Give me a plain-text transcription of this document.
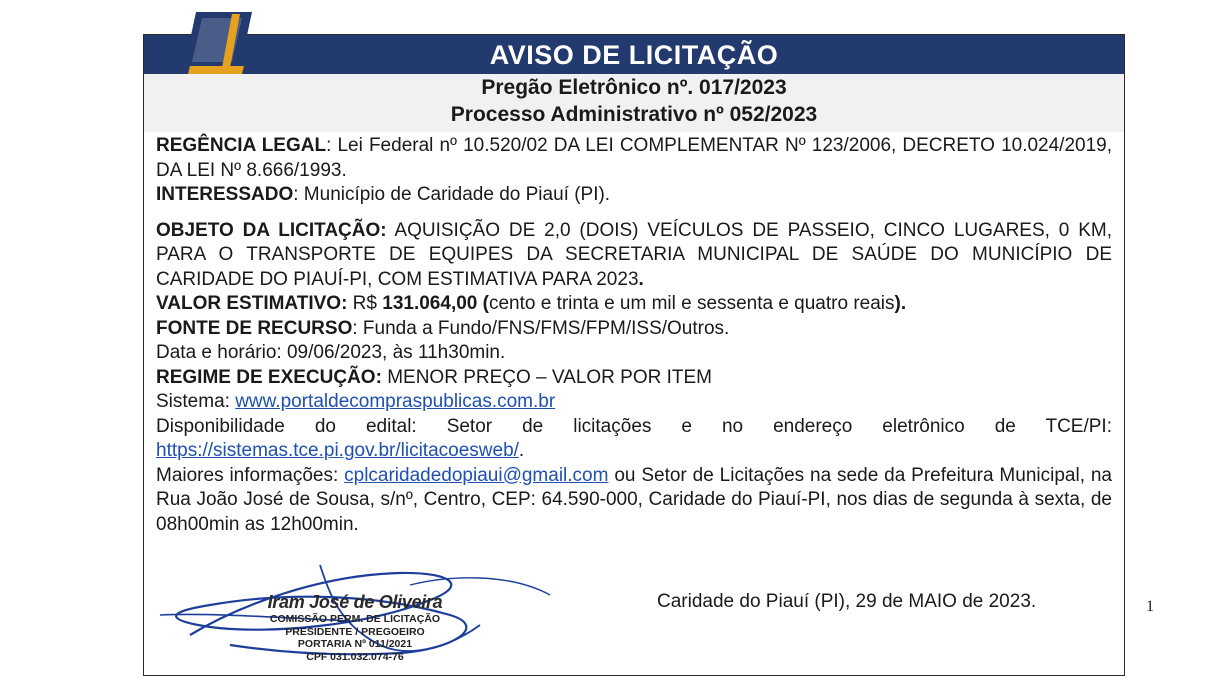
AVISO DE LICITAÇÃO
Pregão Eletrônico nº. 017/2023
Processo Administrativo nº 052/2023

REGÊNCIA LEGAL: Lei Federal nº 10.520/02 DA LEI COMPLEMENTAR Nº 123/2006, DECRETO 10.024/2019, DA LEI Nº 8.666/1993.

INTERESSADO: Município de Caridade do Piauí (PI).

OBJETO DA LICITAÇÃO: AQUISIÇÃO DE 2,0 (DOIS) VEÍCULOS DE PASSEIO, CINCO LUGARES, 0 KM, PARA O TRANSPORTE DE EQUIPES DA SECRETARIA MUNICIPAL DE SAÚDE DO MUNICÍPIO DE CARIDADE DO PIAUÍ-PI, COM ESTIMATIVA PARA 2023.

VALOR ESTIMATIVO: R$ 131.064,00 (cento e trinta e um mil e sessenta e quatro reais).

FONTE DE RECURSO: Funda a Fundo/FNS/FMS/FPM/ISS/Outros.

Data e horário: 09/06/2023, às 11h30min.

REGIME DE EXECUÇÃO: MENOR PREÇO – VALOR POR ITEM

Sistema: www.portaldecompraspublicas.com.br

Disponibilidade do edital: Setor de licitações e no endereço eletrônico de TCE/PI: https://sistemas.tce.pi.gov.br/licitacoesweb/.

Maiores informações: cplcaridadedopiaui@gmail.com ou Setor de Licitações na sede da Prefeitura Municipal, na Rua João José de Sousa, s/nº, Centro, CEP: 64.590-000, Caridade do Piauí-PI, nos dias de segunda à sexta, de 08h00min as 12h00min.

Iram José de Oliveira
COMISSÃO PERM. DE LICITAÇÃO
PRESIDENTE / PREGOEIRO
PORTARIA Nº 011/2021
CPF 031.032.074-76
Caridade do Piauí (PI), 29 de MAIO de 2023.	1
